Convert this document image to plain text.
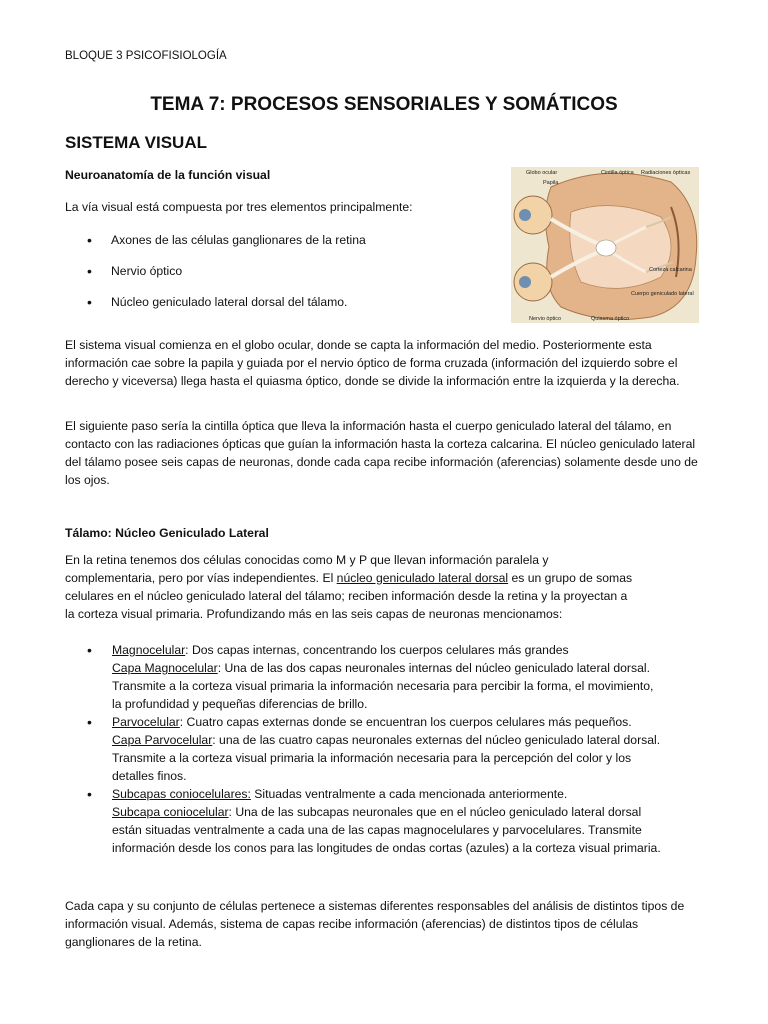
BLOQUE 3 PSICOFISIOLOGÍA
TEMA 7: PROCESOS SENSORIALES Y SOMÁTICOS
SISTEMA VISUAL
Neuroanatomía de la función visual
La vía visual está compuesta por tres elementos principalmente:
• Axones de las células ganglionares de la retina
• Nervio óptico
• Núcleo geniculado lateral dorsal del tálamo.
Globo ocular
Papila
Cintilla óptica Radiaciones ópticas
Corteza calcarina
Cuerpo geniculado lateral
Nervio óptico	Quiasma óptico
El sistema visual comienza en el globo ocular, donde se capta la información del medio. Posteriormente esta información cae sobre la papila y guiada por el nervio óptico de forma cruzada (información del izquierdo sobre el derecho y viceversa) llega hasta el quiasma óptico, donde se divide la información entre la izquierda y la derecha.
El siguiente paso sería la cintilla óptica que lleva la información hasta el cuerpo geniculado lateral del tálamo, en contacto con las radiaciones ópticas que guían la información hasta la corteza calcarina. El núcleo geniculado lateral del tálamo posee seis capas de neuronas, donde cada capa recibe información (aferencias) solamente desde uno de los ojos.
Tálamo: Núcleo Geniculado Lateral
En la retina tenemos dos células conocidas como M y P que llevan información paralela y complementaria, pero por vías independientes. El núcleo geniculado lateral dorsal es un grupo de somas celulares en el núcleo geniculado lateral del tálamo; reciben información desde la retina y la proyectan a la corteza visual primaria. Profundizando más en las seis capas de neuronas mencionamos:
• Magnocelular: Dos capas internas, concentrando los cuerpos celulares más grandes
Capa Magnocelular: Una de las dos capas neuronales internas del núcleo geniculado lateral dorsal. Transmite a la corteza visual primaria la información necesaria para percibir la forma, el movimiento, la profundidad y pequeñas diferencias de brillo.
• Parvocelular: Cuatro capas externas donde se encuentran los cuerpos celulares más pequeños.
Capa Parvocelular: una de las cuatro capas neuronales externas del núcleo geniculado lateral dorsal. Transmite a la corteza visual primaria la información necesaria para la percepción del color y los detalles finos.
• Subcapas coniocelulares: Situadas ventralmente a cada mencionada anteriormente.
Subcapa coniocelular: Una de las subcapas neuronales que en el núcleo geniculado lateral dorsal están situadas ventralmente a cada una de las capas magnocelulares y parvocelulares. Transmite información desde los conos para las longitudes de ondas cortas (azules) a la corteza visual primaria.
Cada capa y su conjunto de células pertenece a sistemas diferentes responsables del análisis de distintos tipos de información visual. Además, sistema de capas recibe información (aferencias) de distintos tipos de células ganglionares de la retina.
